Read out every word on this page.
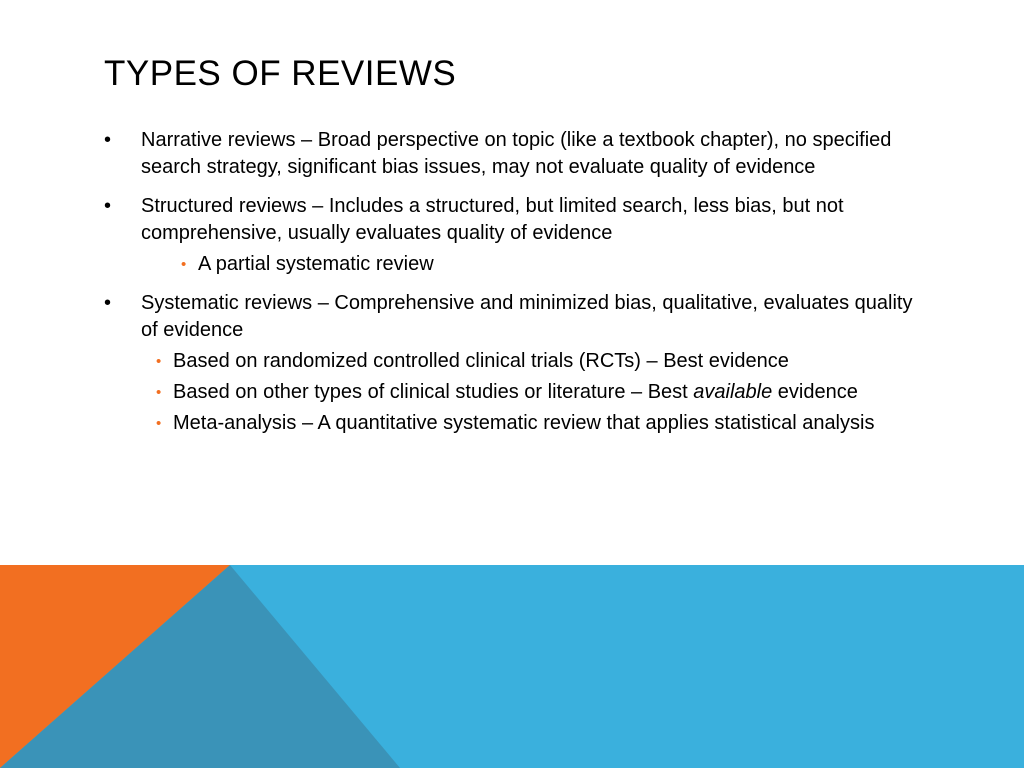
TYPES OF REVIEWS
•	Narrative reviews – Broad perspective on topic (like a textbook chapter), no specified search strategy, significant bias issues, may not evaluate quality of evidence
•	Structured reviews – Includes a structured, but limited search, less bias, but not comprehensive, usually evaluates quality of evidence
• A partial systematic review
•	Systematic reviews – Comprehensive and minimized bias, qualitative, evaluates quality of evidence
• Based on randomized controlled clinical trials (RCTs) – Best evidence
• Based on other types of clinical studies or literature – Best available evidence
• Meta-analysis – A quantitative systematic review that applies statistical analysis
